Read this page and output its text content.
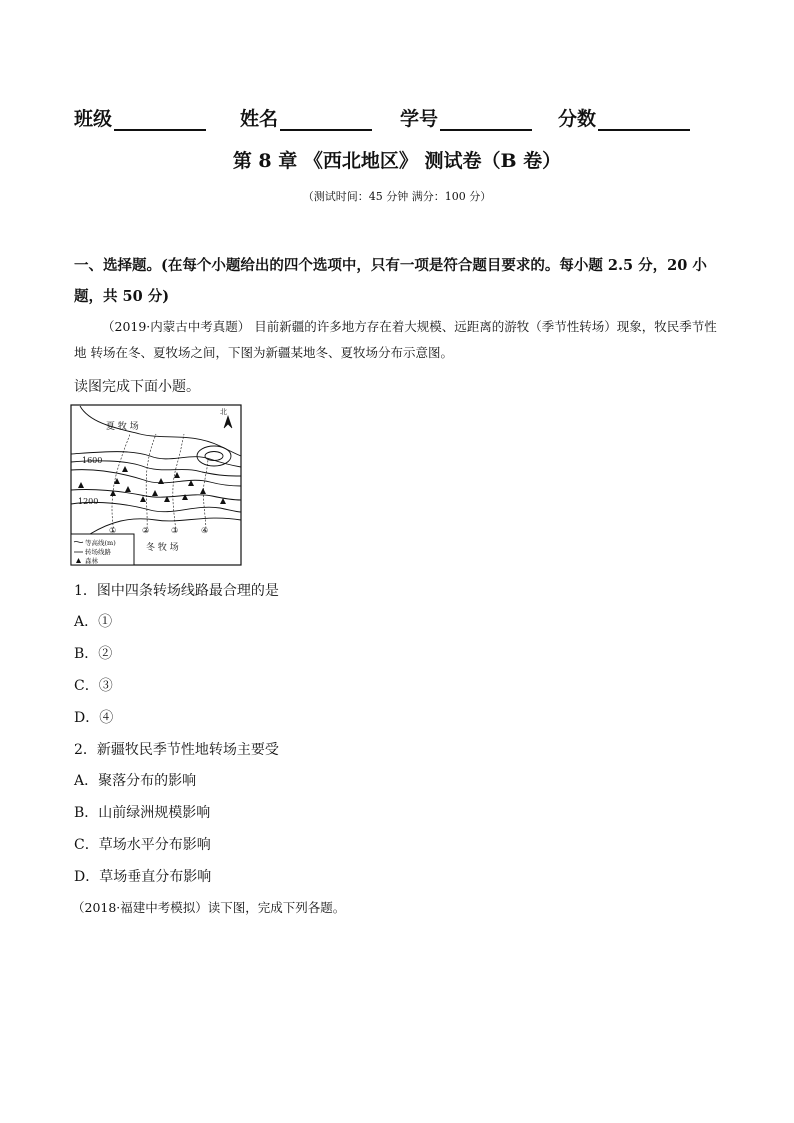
班级	姓名	学号	分数
第 8 章 《西北地区》 测试卷（B 卷）
（测试时间：45 分钟 满分：100 分）
一、选择题。(在每个小题给出的四个选项中，只有一项是符合题目要求的。每小题 2.5 分，20 小题，共 50 分)
（2019·内蒙古中考真题） 目前新疆的许多地方存在着大规模、远距离的游牧（季节性转场）现象，牧民季节性地 转场在冬、夏牧场之间，下图为新疆某地冬、夏牧场分布示意图。
读图完成下面小题。
北
夏 牧 场
冬 牧 场
1600
1200
①	②	③	④
等高线(m)
转场线路
森林
1．图中四条转场线路最合理的是
A．①
B．②
C．③
D．④
2．新疆牧民季节性地转场主要受
A．聚落分布的影响
B．山前绿洲规模影响
C．草场水平分布影响
D．草场垂直分布影响
（2018·福建中考模拟）读下图，完成下列各题。
